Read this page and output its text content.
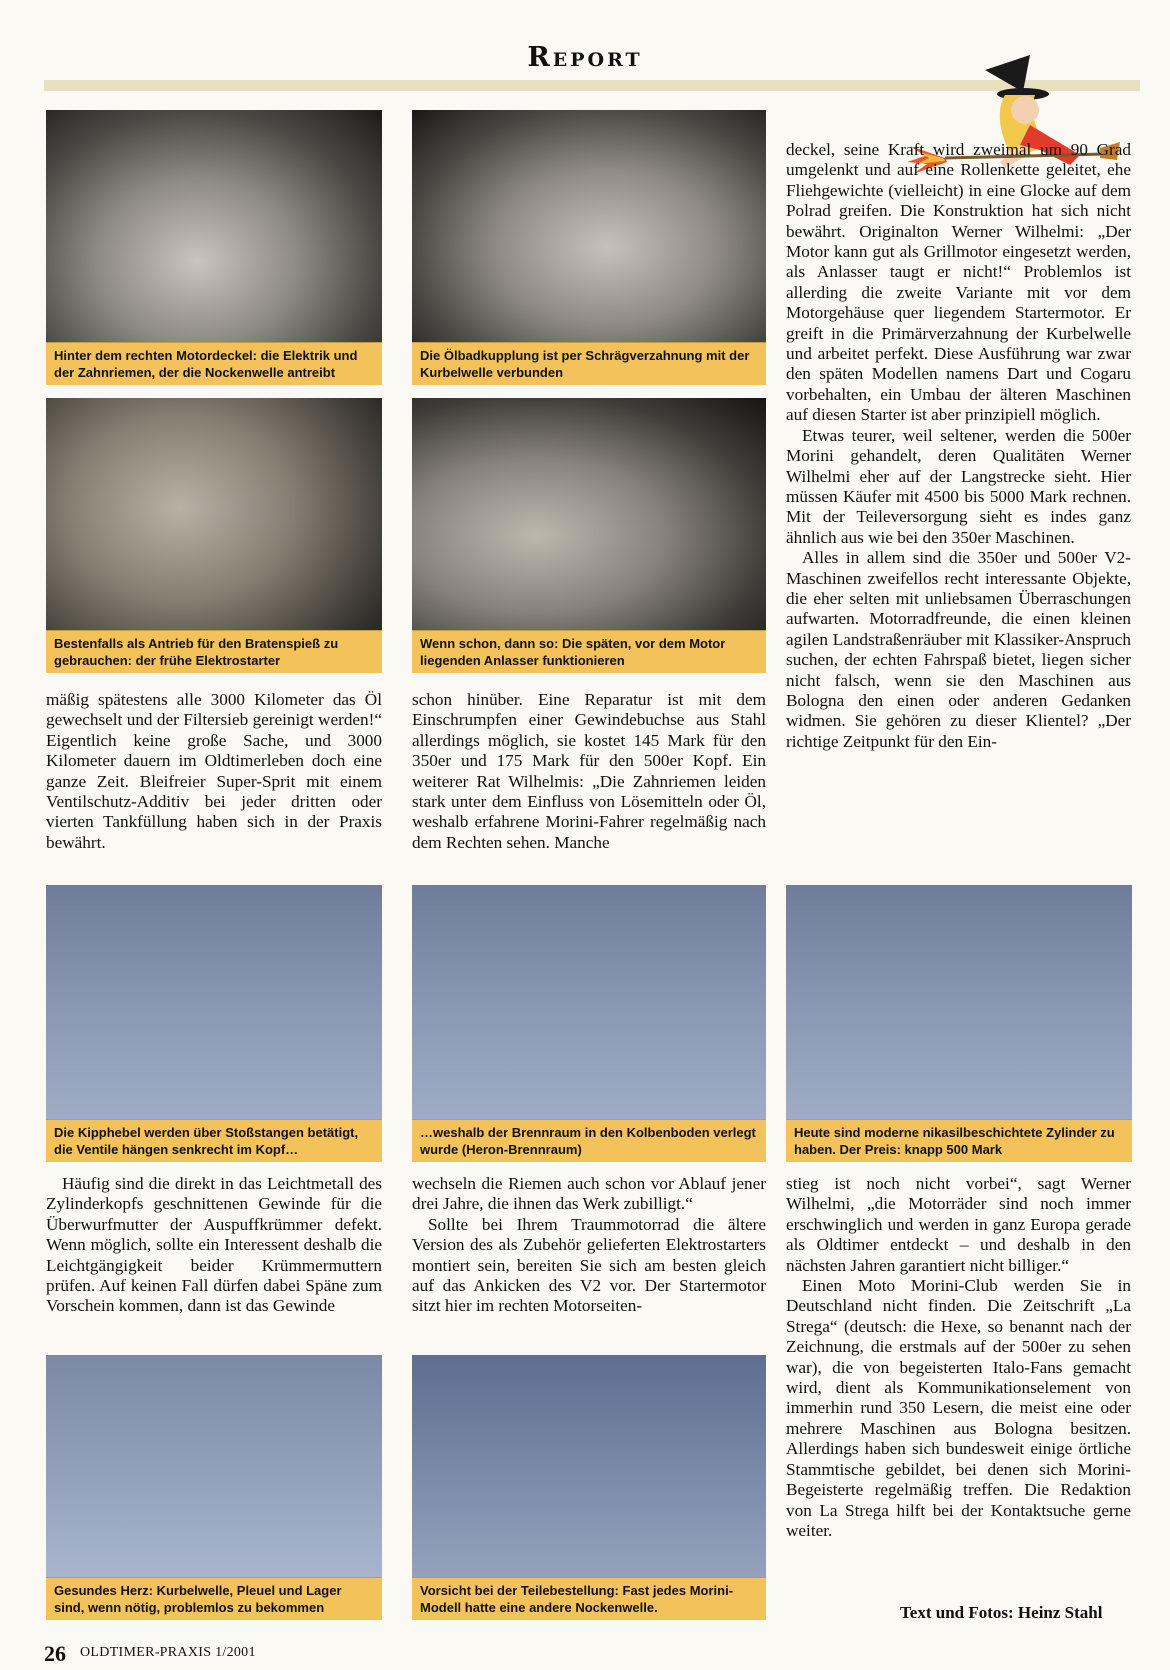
Report
Hinter dem rechten Motordeckel: die Elektrik und der Zahnriemen, der die Nockenwelle antreibt
Die Ölbadkupplung ist per Schrägverzahnung mit der Kurbelwelle verbunden
Bestenfalls als Antrieb für den Bratenspieß zu gebrauchen: der frühe Elektrostarter
Wenn schon, dann so: Die späten, vor dem Motor liegenden Anlasser funktionieren

deckel, seine Kraft wird zweimal um 90 Grad umgelenkt und auf eine Rollenkette geleitet, ehe Fliehgewichte (vielleicht) in eine Glocke auf dem Polrad greifen. Die Konstruktion hat sich nicht bewährt. Originalton Werner Wilhelmi: „Der Motor kann gut als Grillmotor eingesetzt werden, als Anlasser taugt er nicht!“ Problemlos ist allerding die zweite Variante mit vor dem Motorgehäuse quer liegendem Startermotor. Er greift in die Primärverzahnung der Kurbelwelle und arbeitet perfekt. Diese Ausführung war zwar den späten Modellen namens Dart und Cogaru vorbehalten, ein Umbau der älteren Maschinen auf diesen Starter ist aber prinzipiell möglich.

Etwas teurer, weil seltener, werden die 500er Morini gehandelt, deren Qualitäten Werner Wilhelmi eher auf der Langstrecke sieht. Hier müssen Käufer mit 4500 bis 5000 Mark rechnen. Mit der Teileversorgung sieht es indes ganz ähnlich aus wie bei den 350er Maschinen.

Alles in allem sind die 350er und 500er V2-Maschinen zweifellos recht interessante Objekte, die eher selten mit unliebsamen Überraschungen aufwarten. Motorradfreunde, die einen kleinen agilen Landstraßenräuber mit Klassiker-Anspruch suchen, der echten Fahrspaß bietet, liegen sicher nicht falsch, wenn sie den Maschinen aus Bologna den einen oder anderen Gedanken widmen. Sie gehören zu dieser Klientel? „Der richtige Zeitpunkt für den Ein-

mäßig spätestens alle 3000 Kilometer das Öl gewechselt und der Filtersieb gereinigt werden!“ Eigentlich keine große Sache, und 3000 Kilometer dauern im Oldtimerleben doch eine ganze Zeit. Bleifreier Super-Sprit mit einem Ventilschutz-Additiv bei jeder dritten oder vierten Tankfüllung haben sich in der Praxis bewährt.

schon hinüber. Eine Reparatur ist mit dem Einschrumpfen einer Gewindebuchse aus Stahl allerdings möglich, sie kostet 145 Mark für den 350er und 175 Mark für den 500er Kopf. Ein weiterer Rat Wilhelmis: „Die Zahnriemen leiden stark unter dem Einfluss von Lösemitteln oder Öl, weshalb erfahrene Morini-Fahrer regelmäßig nach dem Rechten sehen. Manche

Die Kipphebel werden über Stoßstangen betätigt, die Ventile hängen senkrecht im Kopf…
…weshalb der Brennraum in den Kolbenboden verlegt wurde (Heron-Brennraum)
Heute sind moderne nikasilbeschichtete Zylinder zu haben. Der Preis: knapp 500 Mark

Häufig sind die direkt in das Leichtmetall des Zylinderkopfs geschnittenen Gewinde für die Überwurfmutter der Auspuffkrümmer defekt. Wenn möglich, sollte ein Interessent deshalb die Leichtgängigkeit beider Krümmermuttern prüfen. Auf keinen Fall dürfen dabei Späne zum Vorschein kommen, dann ist das Gewinde

wechseln die Riemen auch schon vor Ablauf jener drei Jahre, die ihnen das Werk zubilligt.“

Sollte bei Ihrem Traummotorrad die ältere Version des als Zubehör gelieferten Elektrostarters montiert sein, bereiten Sie sich am besten gleich auf das Ankicken des V2 vor. Der Startermotor sitzt hier im rechten Motorseiten-

stieg ist noch nicht vorbei“, sagt Werner Wilhelmi, „die Motorräder sind noch immer erschwinglich und werden in ganz Europa gerade als Oldtimer entdeckt – und deshalb in den nächsten Jahren garantiert nicht billiger.“

Einen Moto Morini-Club werden Sie in Deutschland nicht finden. Die Zeitschrift „La Strega“ (deutsch: die Hexe, so benannt nach der Zeichnung, die erstmals auf der 500er zu sehen war), die von begeisterten Italo-Fans gemacht wird, dient als Kommunikationselement von immerhin rund 350 Lesern, die meist eine oder mehrere Maschinen aus Bologna besitzen. Allerdings haben sich bundesweit einige örtliche Stammtische gebildet, bei denen sich Morini-Begeisterte regelmäßig treffen. Die Redaktion von La Strega hilft bei der Kontaktsuche gerne weiter.

Gesundes Herz: Kurbelwelle, Pleuel und Lager sind, wenn nötig, problemlos zu bekommen
Vorsicht bei der Teilebestellung: Fast jedes Morini-Modell hatte eine andere Nockenwelle.	Text und Fotos: Heinz Stahl
26 OLDTIMER-PRAXIS 1/2001
